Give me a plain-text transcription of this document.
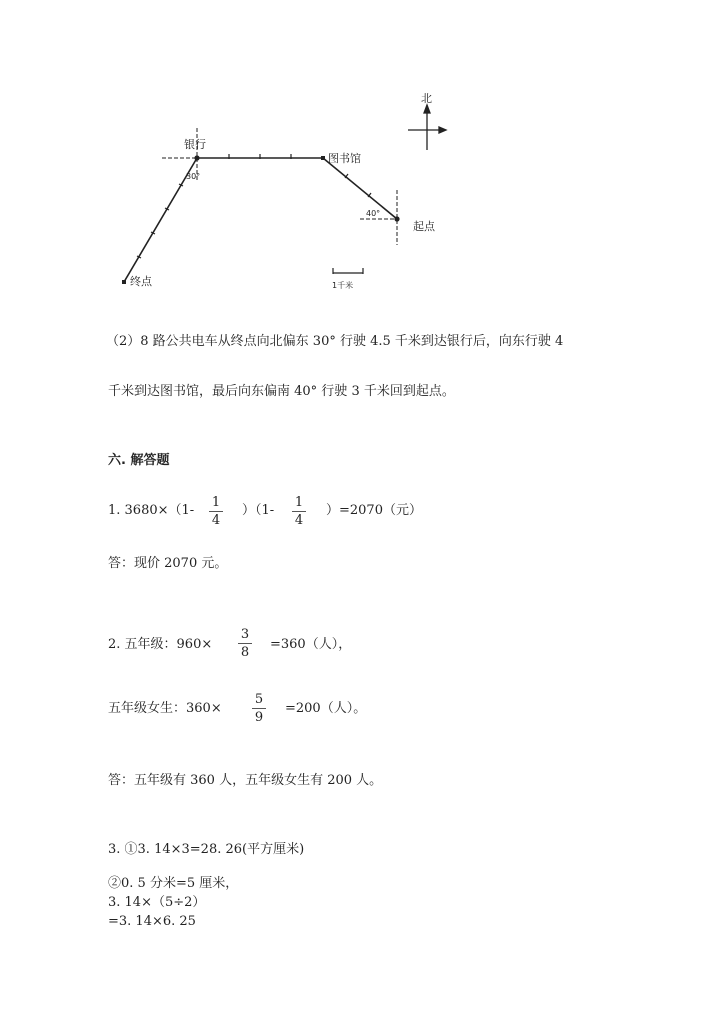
北
银行
图书馆
起点
终点
30°
40°
1千米
（2）8 路公共电车从终点向北偏东 30° 行驶 4.5 千米到达银行后，向东行驶 4
千米到达图书馆，最后向东偏南 40° 行驶 3 千米回到起点。
六. 解答题
1. 3680×（1-
1
4
）（1-
1
4
）=2070（元）
答：现价 2070 元。
2. 五年级：960×
3
8
=360（人），
五年级女生：360×
5
9
=200（人）。
答：五年级有 360 人，五年级女生有 200 人。
3. ①3. 14×3=28. 26(平方厘米)
②0. 5 分米=5 厘米，
3. 14×（5÷2）
=3. 14×6. 25
